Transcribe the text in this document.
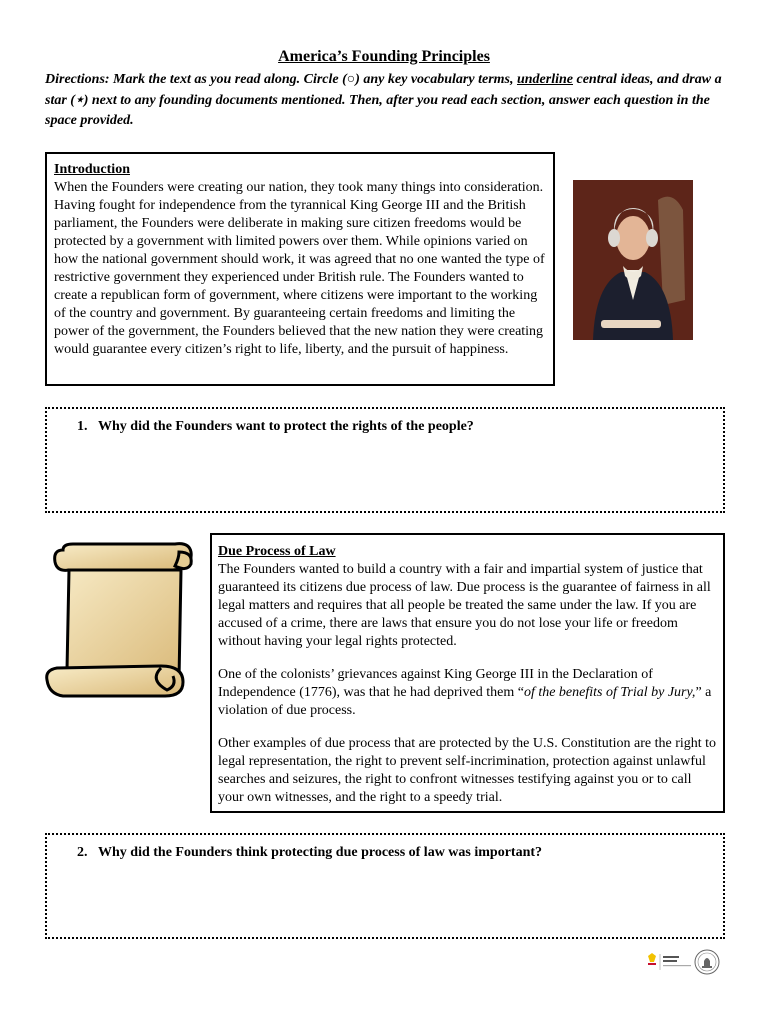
America’s Founding Principles
Directions: Mark the text as you read along. Circle (○) any key vocabulary terms, underline central ideas, and draw a star (⋆) next to any founding documents mentioned. Then, after you read each section, answer each question in the space provided.
Introduction
When the Founders were creating our nation, they took many things into consideration. Having fought for independence from the tyrannical King George III and the British parliament, the Founders were deliberate in making sure citizen freedoms would be protected by a government with limited powers over them. While opinions varied on how the national government should work, it was agreed that no one wanted the type of restrictive government they experienced under British rule. The Founders wanted to create a republican form of government, where citizens were important to the working of the country and government. By guaranteeing certain freedoms and limiting the power of the government, the Founders believed that the new nation they were creating would guarantee every citizen’s right to life, liberty, and the pursuit of happiness.
1. Why did the Founders want to protect the rights of the people?
Due Process of Law

The Founders wanted to build a country with a fair and impartial system of justice that guaranteed its citizens due process of law. Due process is the guarantee of fairness in all legal matters and requires that all people be treated the same under the law. If you are accused of a crime, there are laws that ensure you do not lose your life or freedom without having your legal rights protected.

One of the colonists’ grievances against King George III in the Declaration of Independence (1776), was that he had deprived them “of the benefits of Trial by Jury,” a violation of due process.

Other examples of due process that are protected by the U.S. Constitution are the right to legal representation, the right to prevent self-incrimination, protection against unlawful searches and seizures, the right to confront witnesses testifying against you or to call your own witnesses, and the right to a speedy trial.

2. Why did the Founders think protecting due process of law was important?
